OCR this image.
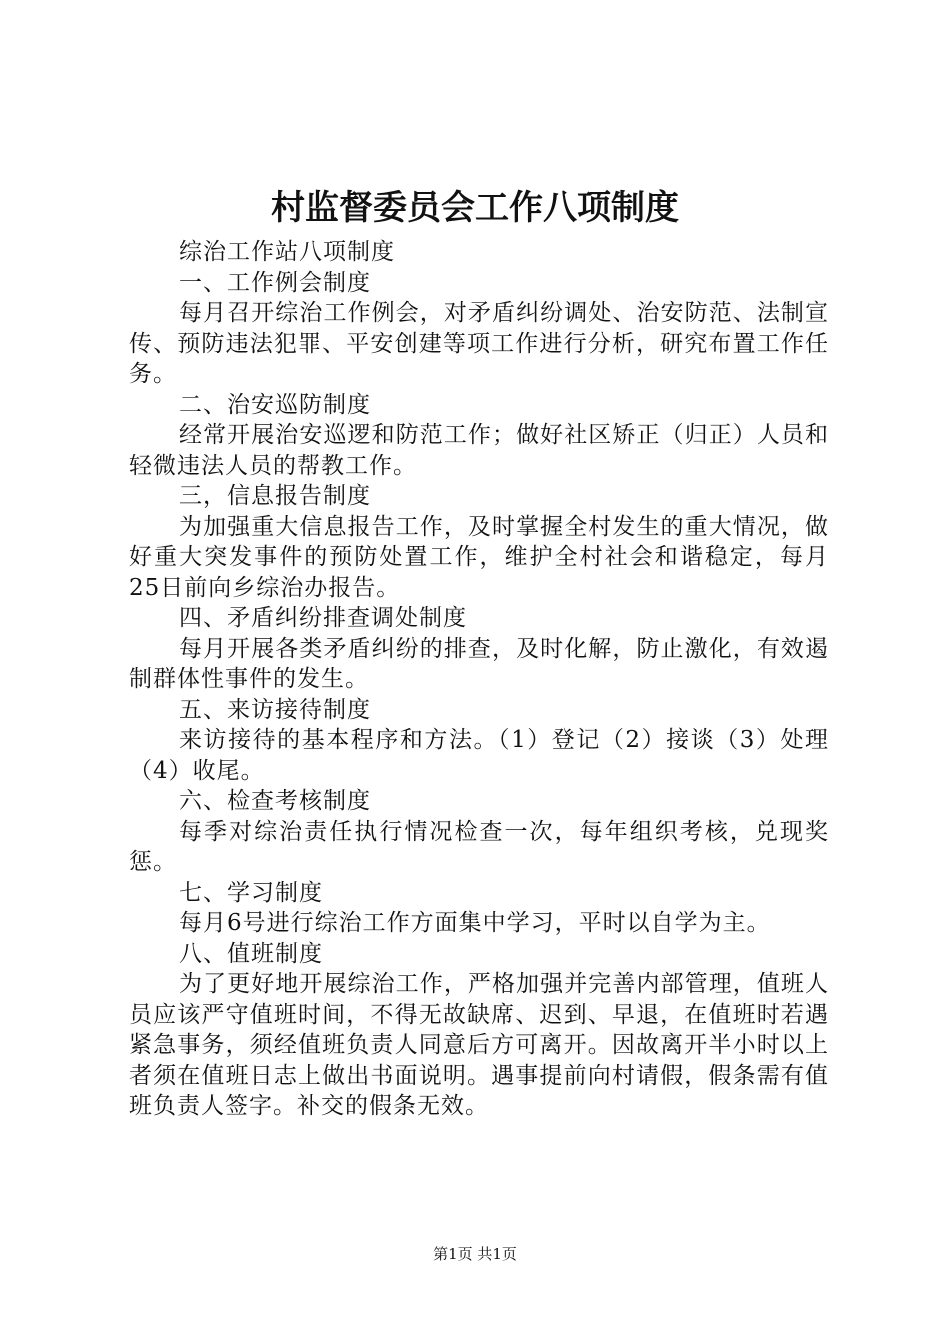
村监督委员会工作八项制度

综治工作站八项制度

一、工作例会制度

每月召开综治工作例会，对矛盾纠纷调处、治安防范、法制宣传、预防违法犯罪、平安创建等项工作进行分析，研究布置工作任务。

二、治安巡防制度

经常开展治安巡逻和防范工作；做好社区矫正（归正）人员和轻微违法人员的帮教工作。

三，信息报告制度

为加强重大信息报告工作，及时掌握全村发生的重大情况，做好重大突发事件的预防处置工作，维护全村社会和谐稳定，每月25日前向乡综治办报告。

四、矛盾纠纷排查调处制度

每月开展各类矛盾纠纷的排查，及时化解，防止激化，有效遏制群体性事件的发生。

五、来访接待制度

来访接待的基本程序和方法。（1）登记（2）接谈（3）处理（4）收尾。

六、检查考核制度

每季对综治责任执行情况检查一次，每年组织考核，兑现奖惩。

七、学习制度

每月6号进行综治工作方面集中学习，平时以自学为主。

八、值班制度

为了更好地开展综治工作，严格加强并完善内部管理，值班人员应该严守值班时间，不得无故缺席、迟到、早退，在值班时若遇紧急事务，须经值班负责人同意后方可离开。因故离开半小时以上者须在值班日志上做出书面说明。遇事提前向村请假，假条需有值班负责人签字。补交的假条无效。

第1页 共1页
